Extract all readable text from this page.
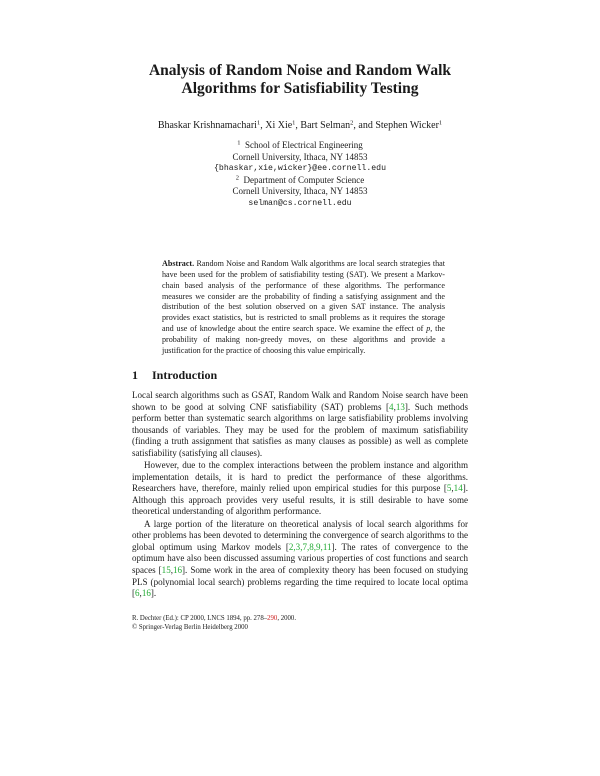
Analysis of Random Noise and Random Walk
Algorithms for Satisfiability Testing
Bhaskar Krishnamachari$^1$, Xi Xie$^1$, Bart Selman$^2$, and Stephen Wicker$^1$
$^1$ School of Electrical Engineering
Cornell University, Ithaca, NY 14853
{bhaskar,xie,wicker}@ee.cornell.edu
$^2$ Department of Computer Science
Cornell University, Ithaca, NY 14853
selman@cs.cornell.edu
Abstract. Random Noise and Random Walk algorithms are local search strategies that have been used for the problem of satisfiability testing (SAT). We present a Markov-chain based analysis of the performance of these algorithms. The performance measures we consider are the probability of finding a satisfying assignment and the distribution of the best solution observed on a given SAT instance. The analysis provides exact statistics, but is restricted to small problems as it requires the storage and use of knowledge about the entire search space. We examine the effect of p, the probability of making non-greedy moves, on these algorithms and provide a justification for the practice of choosing this value empirically.
1 Introduction

Local search algorithms such as GSAT, Random Walk and Random Noise search have been shown to be good at solving CNF satisfiability (SAT) problems [4,13]. Such methods perform better than systematic search algorithms on large satisfiability problems involving thousands of variables. They may be used for the problem of maximum satisfiability (finding a truth assignment that satisfies as many clauses as possible) as well as complete satisfiability (satisfying all clauses).

However, due to the complex interactions between the problem instance and algorithm implementation details, it is hard to predict the performance of these algorithms. Researchers have, therefore, mainly relied upon empirical studies for this purpose [5,14]. Although this approach provides very useful results, it is still desirable to have some theoretical understanding of algorithm performance.

A large portion of the literature on theoretical analysis of local search algorithms for other problems has been devoted to determining the convergence of search algorithms to the global optimum using Markov models [2,3,7,8,9,11]. The rates of convergence to the optimum have also been discussed assuming various properties of cost functions and search spaces [15,16]. Some work in the area of complexity theory has been focused on studying PLS (polynomial local search) problems regarding the time required to locate local optima [6,16].

R. Dechter (Ed.): CP 2000, LNCS 1894, pp. 278–290, 2000.
© Springer-Verlag Berlin Heidelberg 2000
